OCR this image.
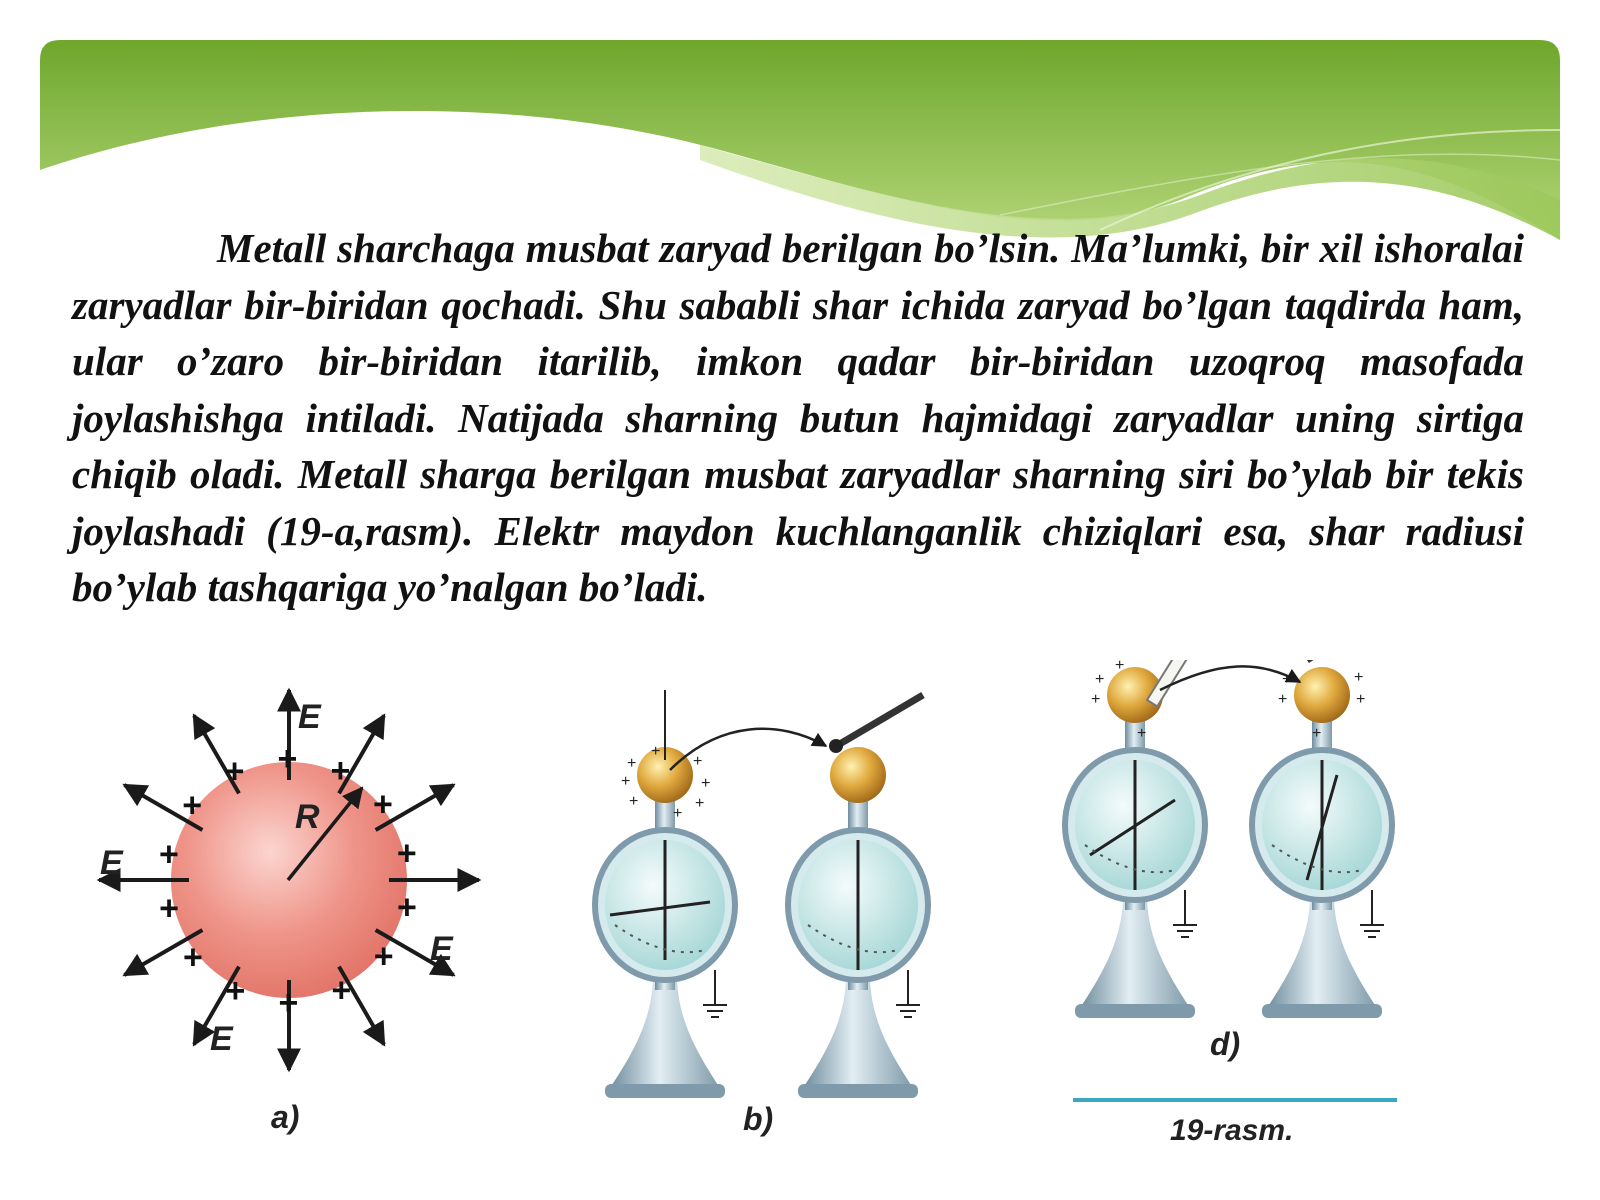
Metall sharchaga musbat zaryad berilgan bo’lsin. Ma’lumki, bir xil ishoralai zaryadlar bir-biridan qochadi. Shu sababli shar ichida zaryad bo’lgan taqdirda ham, ular o’zaro bir-biridan itarilib, imkon qadar bir-biridan uzoqroq masofada joylashishga intiladi. Natijada sharning butun hajmidagi zaryadlar uning sirtiga chiqib oladi. Metall sharga berilgan musbat zaryadlar sharning siri bo’ylab bir tekis joylashadi (19-a,rasm). Elektr maydon kuchlanganlik chiziqlari esa, shar radiusi bo’ylab tashqariga yo’nalgan bo’ladi.

+
+
+
+
+
+
+
+
+
+ + +
+
+
R
E
E
E
E
a)
+
+
+
+
+
+
+
+
b)
+
+
+
+
+
+
+
+
+
d)
19-rasm.
